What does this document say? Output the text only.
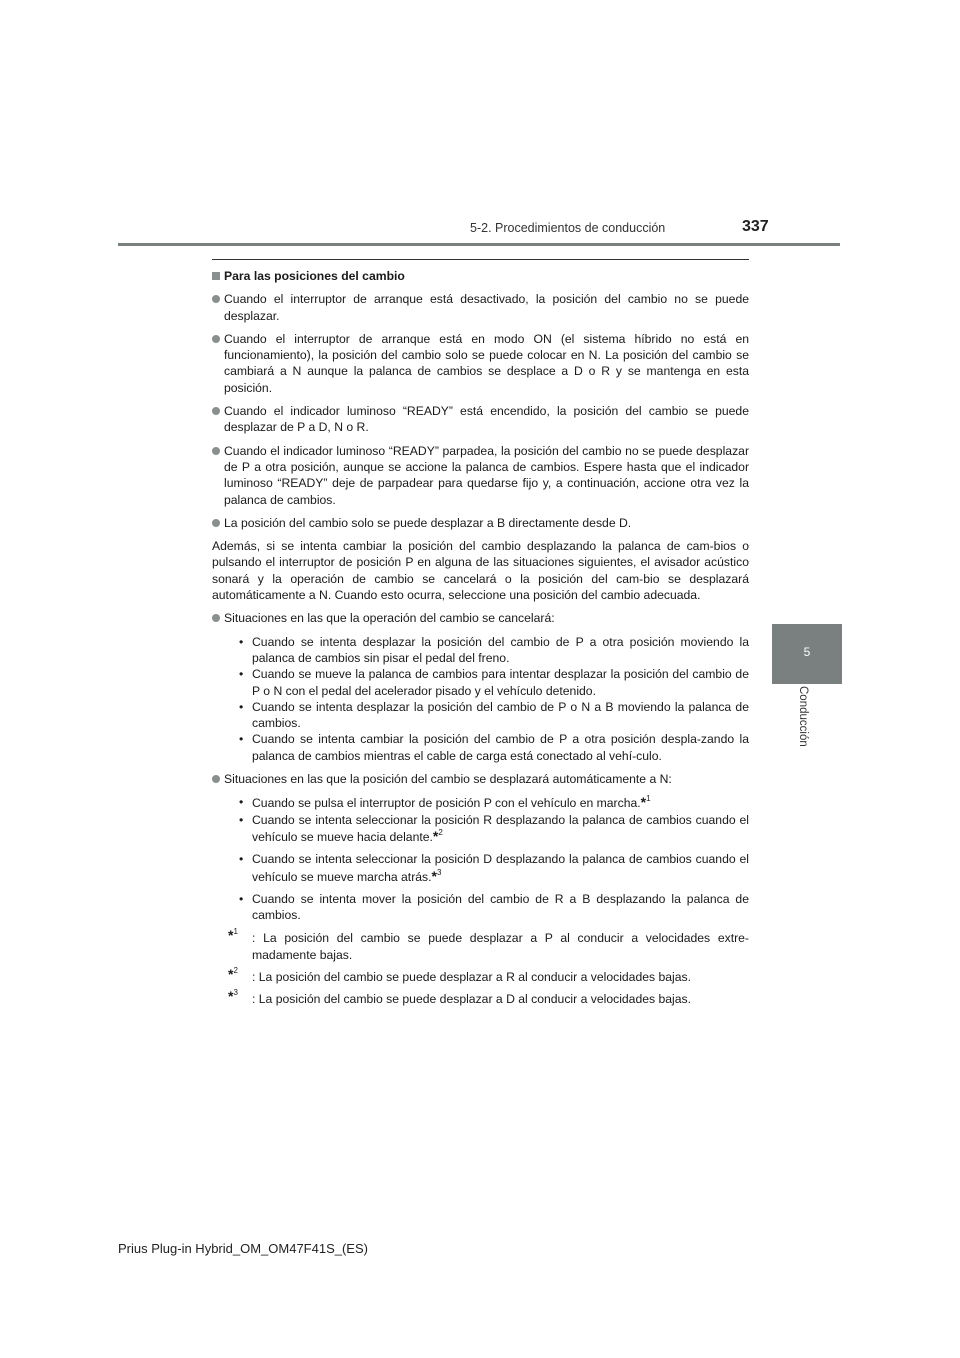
5-2. Procedimientos de conducción	337
5
Conducción
Para las posiciones del cambio
Cuando el interruptor de arranque está desactivado, la posición del cambio no se puede desplazar.
Cuando el interruptor de arranque está en modo ON (el sistema híbrido no está en funcionamiento), la posición del cambio solo se puede colocar en N. La posición del cambio se cambiará a N aunque la palanca de cambios se desplace a D o R y se mantenga en esta posición.
Cuando el indicador luminoso “READY” está encendido, la posición del cambio se puede desplazar de P a D, N o R.
Cuando el indicador luminoso “READY” parpadea, la posición del cambio no se puede desplazar de P a otra posición, aunque se accione la palanca de cambios. Espere hasta que el indicador luminoso “READY” deje de parpadear para quedarse fijo y, a continuación, accione otra vez la palanca de cambios.
La posición del cambio solo se puede desplazar a B directamente desde D.
Además, si se intenta cambiar la posición del cambio desplazando la palanca de cam-bios o pulsando el interruptor de posición P en alguna de las situaciones siguientes, el avisador acústico sonará y la operación de cambio se cancelará o la posición del cam-bio se desplazará automáticamente a N. Cuando esto ocurra, seleccione una posición del cambio adecuada.
Situaciones en las que la operación del cambio se cancelará:
• Cuando se intenta desplazar la posición del cambio de P a otra posición moviendo la palanca de cambios sin pisar el pedal del freno.
• Cuando se mueve la palanca de cambios para intentar desplazar la posición del cambio de P o N con el pedal del acelerador pisado y el vehículo detenido.
• Cuando se intenta desplazar la posición del cambio de P o N a B moviendo la palanca de cambios.
• Cuando se intenta cambiar la posición del cambio de P a otra posición despla-zando la palanca de cambios mientras el cable de carga está conectado al vehí-culo.
Situaciones en las que la posición del cambio se desplazará automáticamente a N:
• Cuando se pulsa el interruptor de posición P con el vehículo en marcha.*$^1$
• Cuando se intenta seleccionar la posición R desplazando la palanca de cambios cuando el vehículo se mueve hacia delante.*$^2$
• Cuando se intenta seleccionar la posición D desplazando la palanca de cambios cuando el vehículo se mueve marcha atrás.*$^3$
• Cuando se intenta mover la posición del cambio de R a B desplazando la palanca de cambios.
*$^1$ : La posición del cambio se puede desplazar a P al conducir a velocidades extre-madamente bajas.
*$^2$ : La posición del cambio se puede desplazar a R al conducir a velocidades bajas.
*$^3$ : La posición del cambio se puede desplazar a D al conducir a velocidades bajas.
Prius Plug-in Hybrid_OM_OM47F41S_(ES)
